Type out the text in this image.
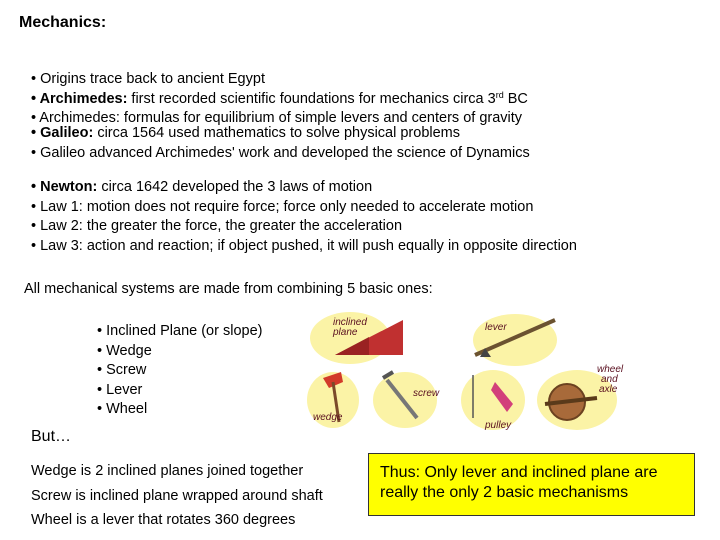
Mechanics:
• Origins trace back to ancient Egypt
• Archimedes: first recorded scientific foundations for mechanics circa 3rd BC
• Archimedes: formulas for equilibrium of simple levers and centers of gravity
• Galileo: circa 1564 used mathematics to solve physical problems
• Galileo advanced Archimedes' work and developed the science of Dynamics
• Newton: circa 1642 developed the 3 laws of motion
• Law 1: motion does not require force; force only needed to accelerate motion
• Law 2: the greater the force, the greater the acceleration
• Law 3: action and reaction; if object pushed, it will push equally in opposite direction
All mechanical systems are made from combining 5 basic ones:
• Inclined Plane (or slope)
• Wedge
• Screw
• Lever
• Wheel
inclined
plane	lever
wedge
screw
pulley
wheel
and
axle
But…
Wedge is 2 inclined planes joined together
Screw is inclined plane wrapped around shaft
Wheel is a lever that rotates 360 degrees
Thus: Only lever and inclined plane are really the only 2 basic mechanisms
